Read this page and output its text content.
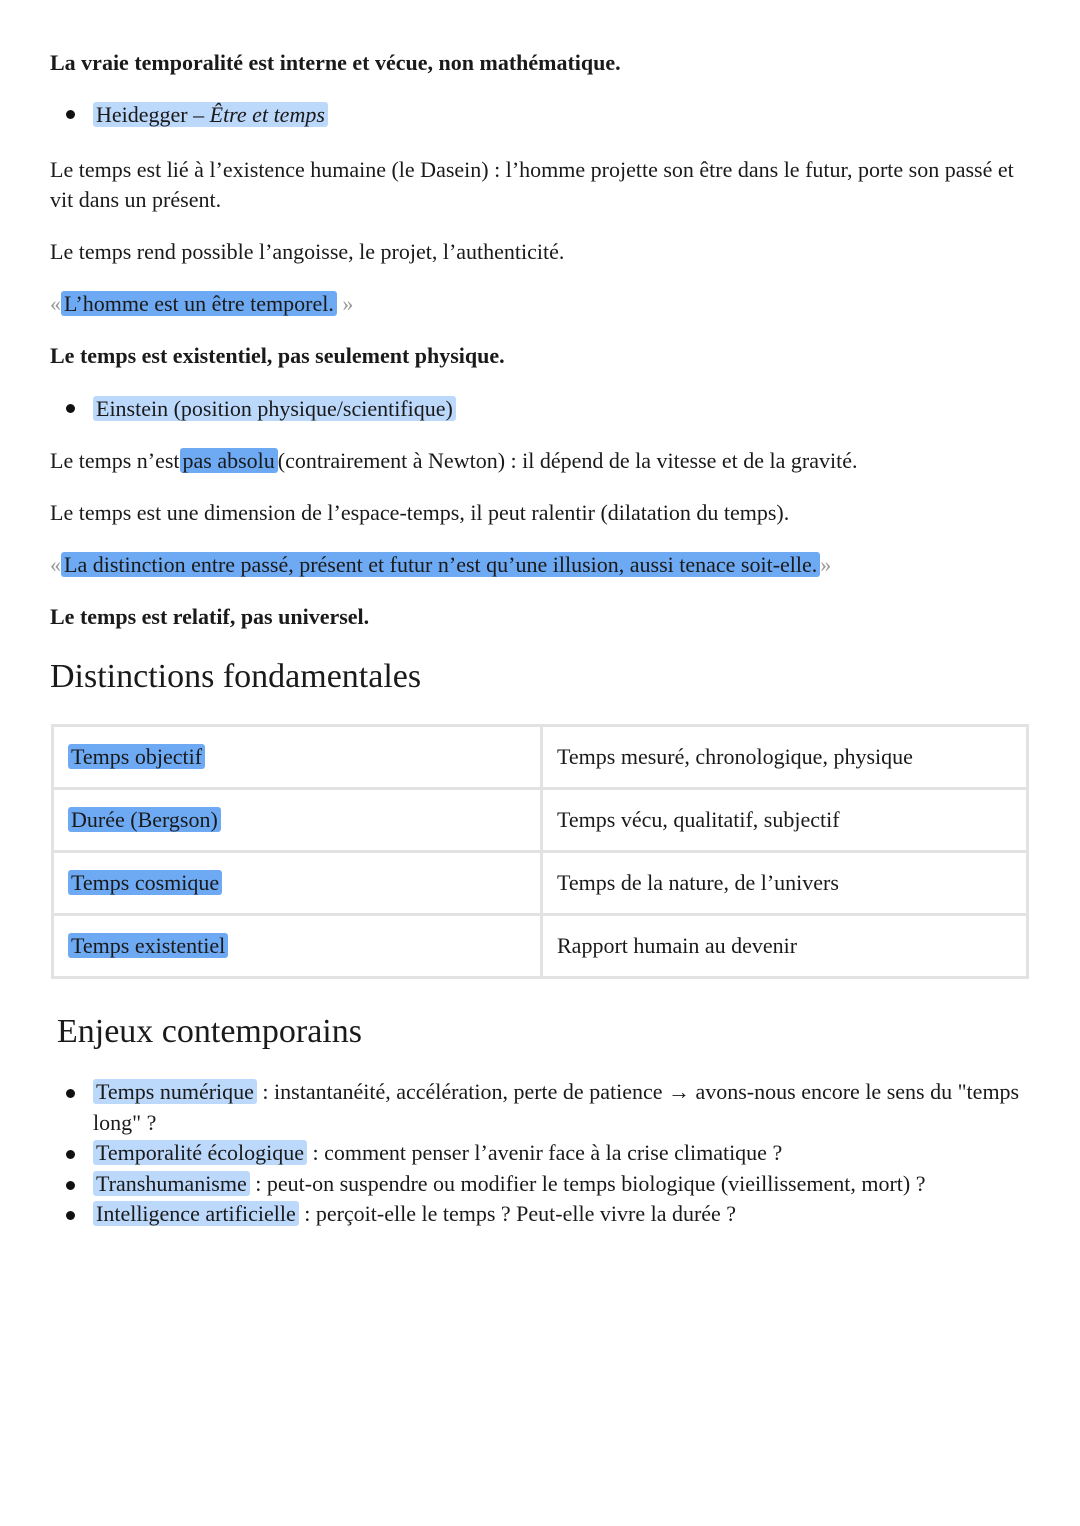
La vraie temporalité est interne et vécue, non mathématique.
Heidegger – Être et temps
Le temps est lié à l’existence humaine (le Dasein) : l’homme projette son être dans le futur, porte son passé et vit dans un présent.
Le temps rend possible l’angoisse, le projet, l’authenticité.
« L’homme est un être temporel. »
Le temps est existentiel, pas seulement physique.
Einstein (position physique/scientifique)
Le temps n’est pas absolu (contrairement à Newton) : il dépend de la vitesse et de la gravité.
Le temps est une dimension de l’espace-temps, il peut ralentir (dilatation du temps).
« La distinction entre passé, présent et futur n’est qu’une illusion, aussi tenace soit-elle. »
Le temps est relatif, pas universel.
Distinctions fondamentales
Temps objectif	Temps mesuré, chronologique, physique
Durée (Bergson)	Temps vécu, qualitatif, subjectif
Temps cosmique	Temps de la nature, de l’univers
Temps existentiel	Rapport humain au devenir
Enjeux contemporains
Temps numérique : instantanéité, accélération, perte de patience → avons-nous encore le sens du "temps long" ?
Temporalité écologique : comment penser l’avenir face à la crise climatique ?
Transhumanisme : peut-on suspendre ou modifier le temps biologique (vieillissement, mort) ?
Intelligence artificielle : perçoit-elle le temps ? Peut-elle vivre la durée ?
